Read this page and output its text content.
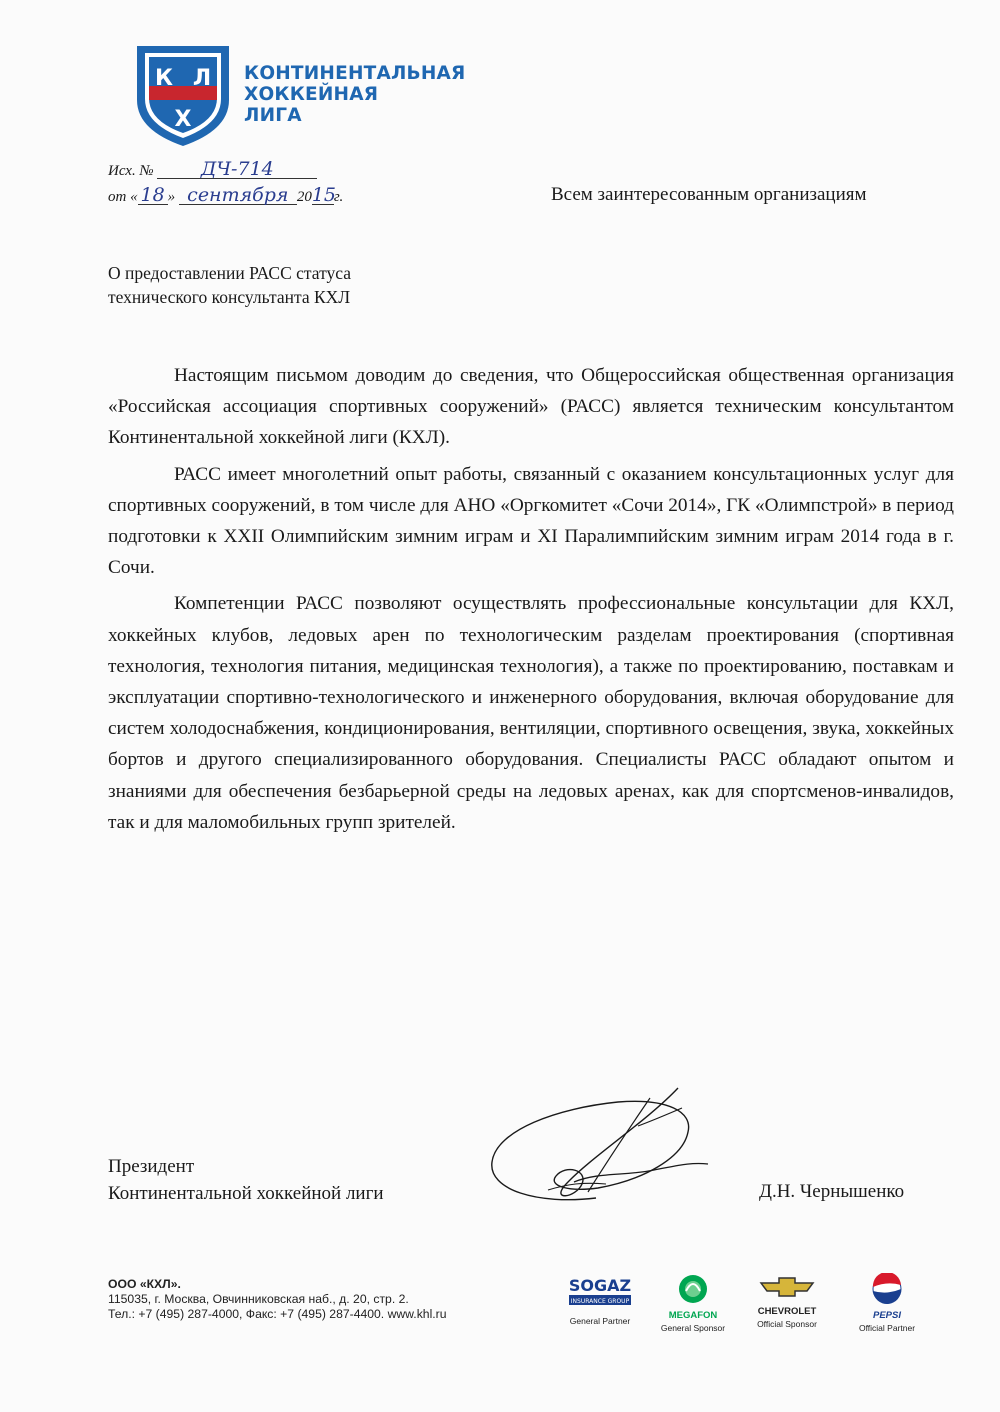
К Л
Х
КОНТИНЕНТАЛЬНАЯ
ХОККЕЙНАЯ
ЛИГА
Исх. № ДЧ-714
от « 18 » сентября 2015г.	Всем заинтересованным организациям
О предоставлении РАСС статуса
технического консультанта КХЛ

Настоящим письмом доводим до сведения, что Общероссийская общественная организация «Российская ассоциация спортивных сооружений» (РАСС) является техническим консультантом Континентальной хоккейной лиги (КХЛ).

РАСС имеет многолетний опыт работы, связанный с оказанием консультационных услуг для спортивных сооружений, в том числе для АНО «Оргкомитет «Сочи 2014», ГК «Олимпстрой» в период подготовки к XXII Олимпийским зимним играм и XI Паралимпийским зимним играм 2014 года в г. Сочи.

Компетенции РАСС позволяют осуществлять профессиональные консультации для КХЛ, хоккейных клубов, ледовых арен по технологическим разделам проектирования (спортивная технология, технология питания, медицинская технология), а также по проектированию, поставкам и эксплуатации спортивно-технологического и инженерного оборудования, включая оборудование для систем холодоснабжения, кондиционирования, вентиляции, спортивного освещения, звука, хоккейных бортов и другого специализированного оборудования. Специалисты РАСС обладают опытом и знаниями для обеспечения безбарьерной среды на ледовых аренах, как для спортсменов-инвалидов, так и для маломобильных групп зрителей.

Президент
Континентальной хоккейной лиги	Д.Н. Чернышенко
ООО «КХЛ».
115035, г. Москва, Овчинниковская наб., д. 20, стр. 2.
Тел.: +7 (495) 287-4000, Факс: +7 (495) 287-4400. www.khl.ru
SOGAZ
INSURANCE GROUP
General Partner	MEGAFON
General Sponsor
CHEVROLET
Official Sponsor
PEPSI
Official Partner
